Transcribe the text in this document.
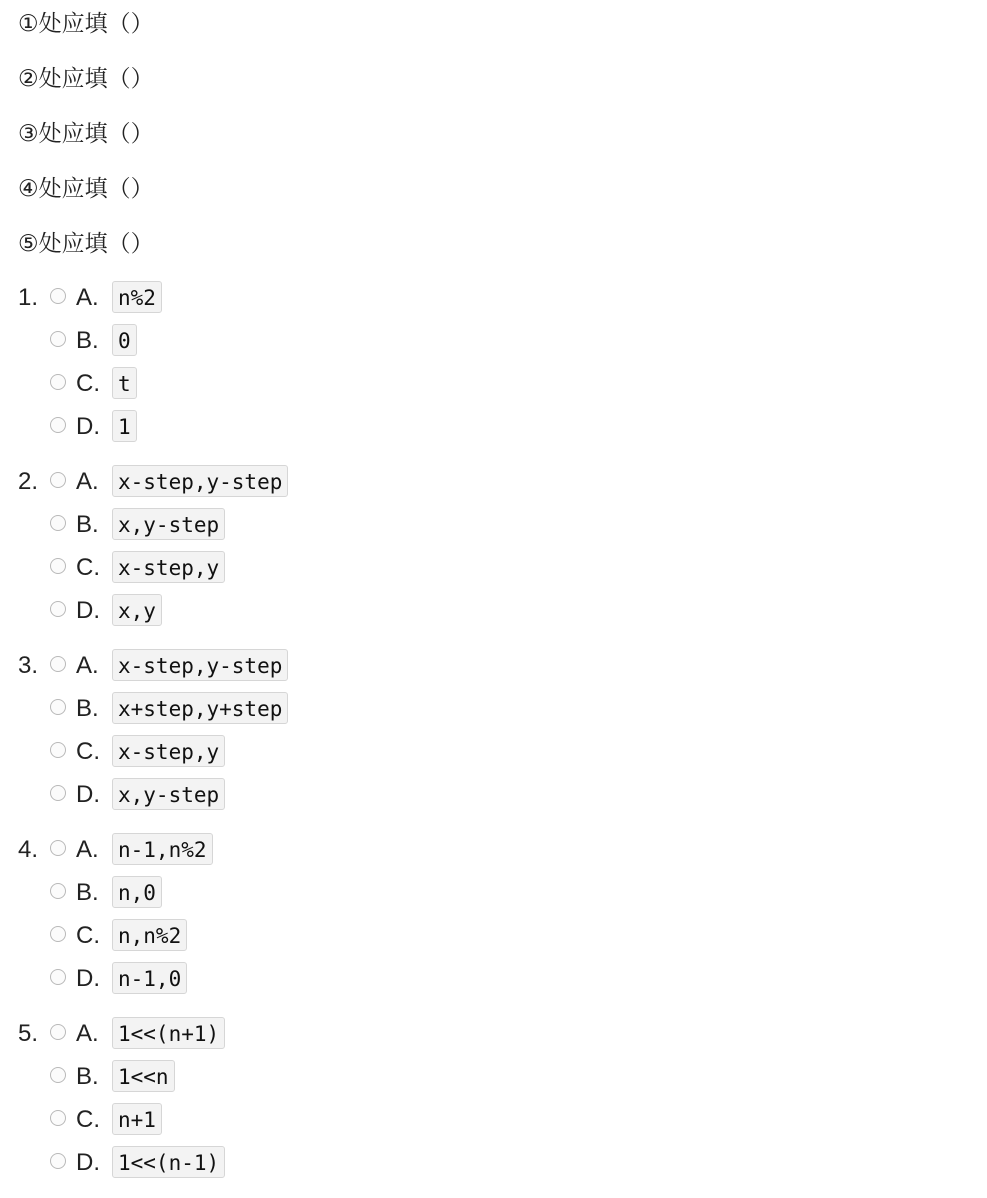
①处应填（）
②处应填（）
③处应填（）
④处应填（）
⑤处应填（）
1. A. n%2
B. 0
C. t
D. 1
2. A. x-step,y-step
B. x,y-step
C. x-step,y
D. x,y
3. A. x-step,y-step
B. x+step,y+step
C. x-step,y
D. x,y-step
4. A. n-1,n%2
B. n,0
C. n,n%2
D. n-1,0
5. A. 1<<(n+1)
B. 1<<n
C. n+1
D. 1<<(n-1)
